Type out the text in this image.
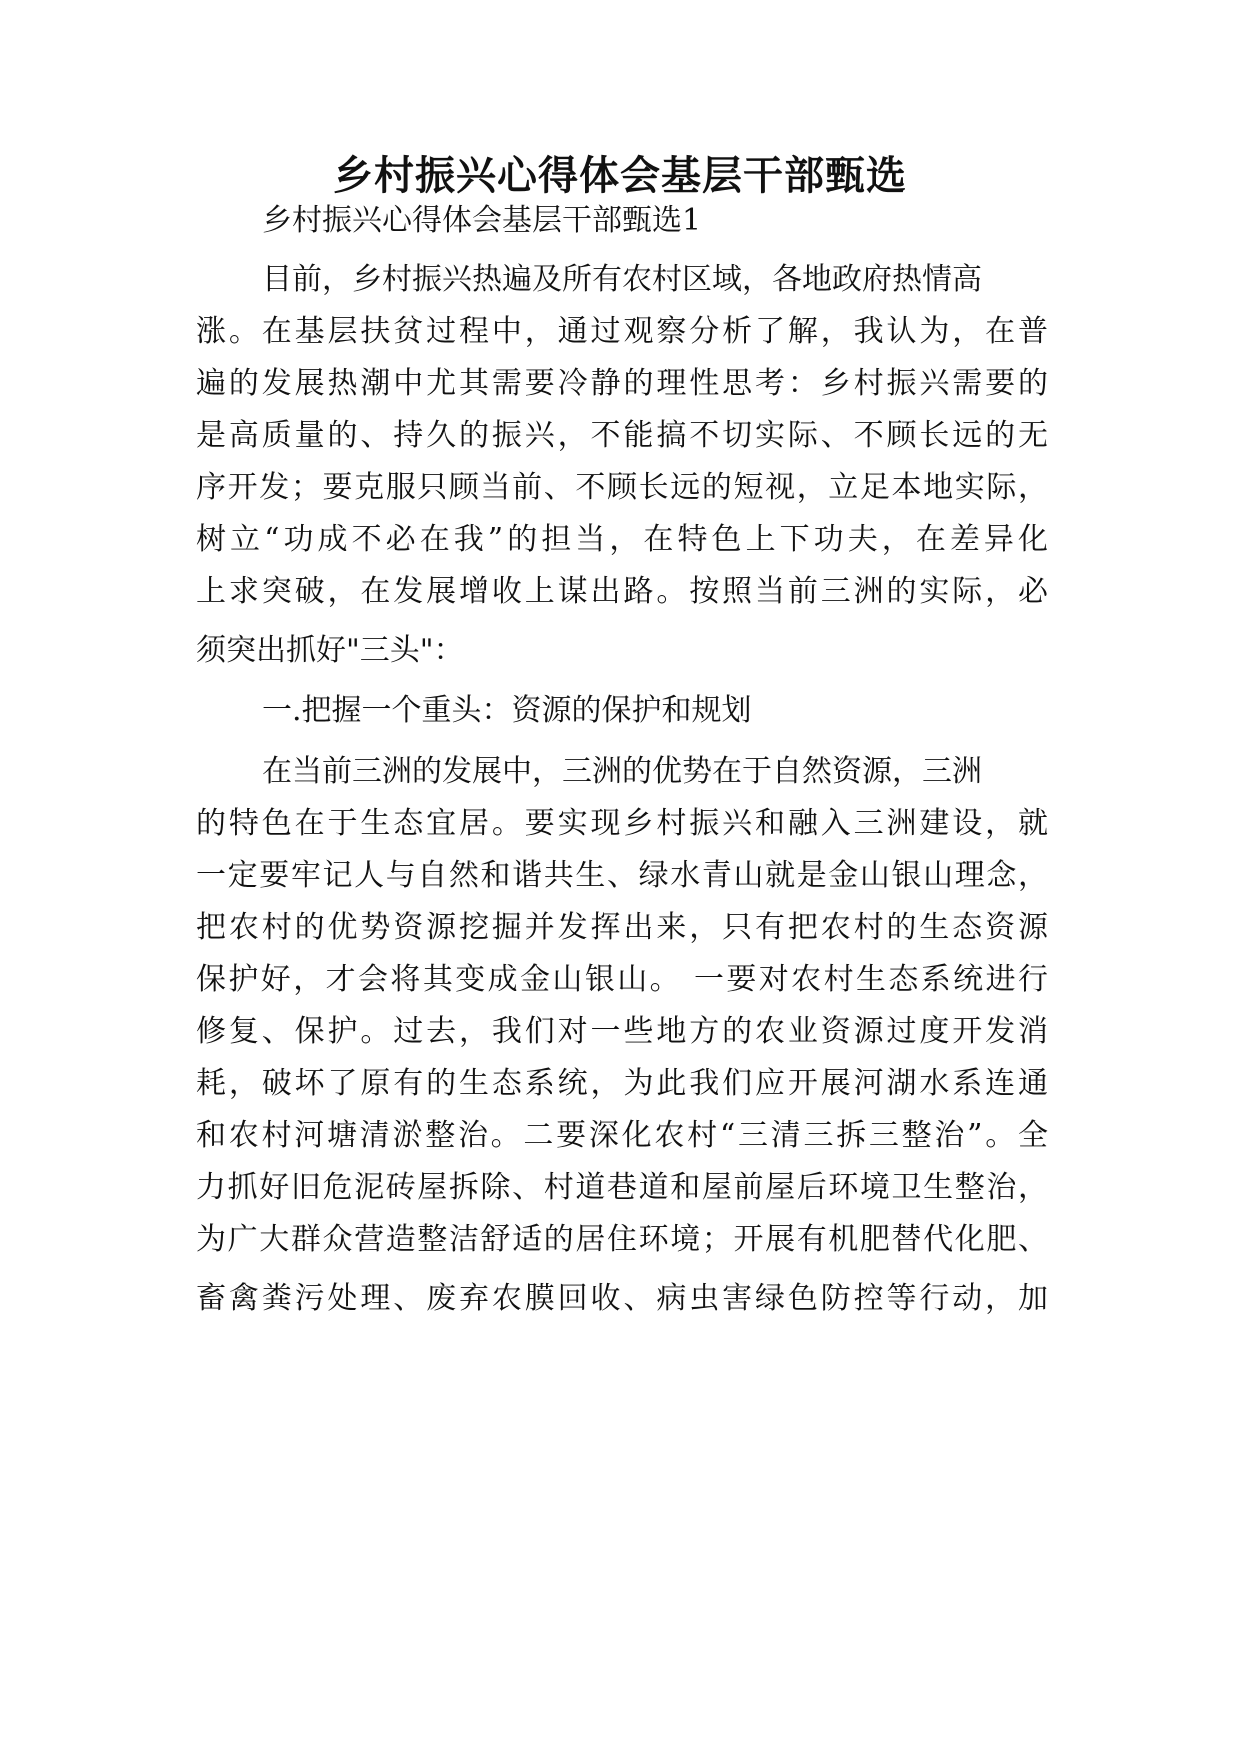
乡村振兴心得体会基层干部甄选

乡村振兴心得体会基层干部甄选1

目前，乡村振兴热遍及所有农村区域，各地政府热情高

涨。在基层扶贫过程中，通过观察分析了解，我认为，在普

遍的发展热潮中尤其需要冷静的理性思考：乡村振兴需要的

是高质量的、持久的振兴，不能搞不切实际、不顾长远的无

序开发；要克服只顾当前、不顾长远的短视，立足本地实际，

树立“功成不必在我”的担当，在特色上下功夫，在差异化

上求突破，在发展增收上谋出路。按照当前三洲的实际，必

须突出抓好"三头"：

一.把握一个重头：资源的保护和规划

在当前三洲的发展中，三洲的优势在于自然资源，三洲

的特色在于生态宜居。要实现乡村振兴和融入三洲建设，就

一定要牢记人与自然和谐共生、绿水青山就是金山银山理念，

把农村的优势资源挖掘并发挥出来，只有把农村的生态资源

保护好，才会将其变成金山银山。 一要对农村生态系统进行

修复、保护。过去，我们对一些地方的农业资源过度开发消

耗，破坏了原有的生态系统，为此我们应开展河湖水系连通

和农村河塘清淤整治。二要深化农村“三清三拆三整治”。全

力抓好旧危泥砖屋拆除、村道巷道和屋前屋后环境卫生整治，

为广大群众营造整洁舒适的居住环境；开展有机肥替代化肥、

畜禽粪污处理、废弃农膜回收、病虫害绿色防控等行动，加
